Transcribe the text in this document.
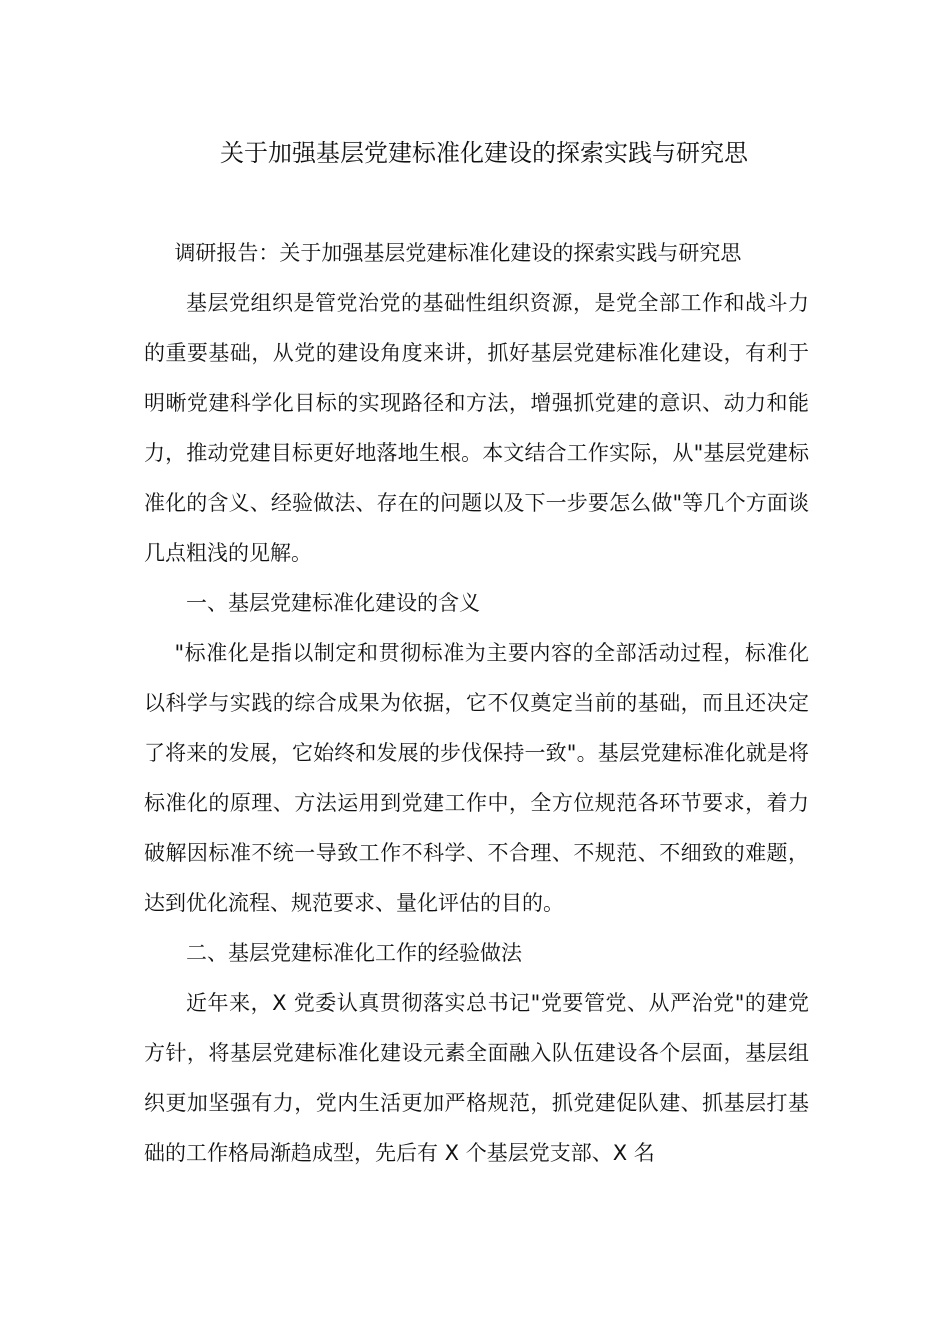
关于加强基层党建标准化建设的探索实践与研究思

调研报告：关于加强基层党建标准化建设的探索实践与研究思

基层党组织是管党治党的基础性组织资源，是党全部工作和战斗力的重要基础，从党的建设角度来讲，抓好基层党建标准化建设，有利于明晰党建科学化目标的实现路径和方法，增强抓党建的意识、动力和能力，推动党建目标更好地落地生根。本文结合工作实际，从"基层党建标准化的含义、经验做法、存在的问题以及下一步要怎么做"等几个方面谈几点粗浅的见解。

一、基层党建标准化建设的含义

"标准化是指以制定和贯彻标准为主要内容的全部活动过程，标准化以科学与实践的综合成果为依据，它不仅奠定当前的基础，而且还决定了将来的发展，它始终和发展的步伐保持一致"。基层党建标准化就是将标准化的原理、方法运用到党建工作中，全方位规范各环节要求，着力破解因标准不统一导致工作不科学、不合理、不规范、不细致的难题，达到优化流程、规范要求、量化评估的目的。

二、基层党建标准化工作的经验做法

近年来，X 党委认真贯彻落实总书记"党要管党、从严治党"的建党方针，将基层党建标准化建设元素全面融入队伍建设各个层面，基层组织更加坚强有力，党内生活更加严格规范，抓党建促队建、抓基层打基础的工作格局渐趋成型，先后有 X 个基层党支部、X 名
